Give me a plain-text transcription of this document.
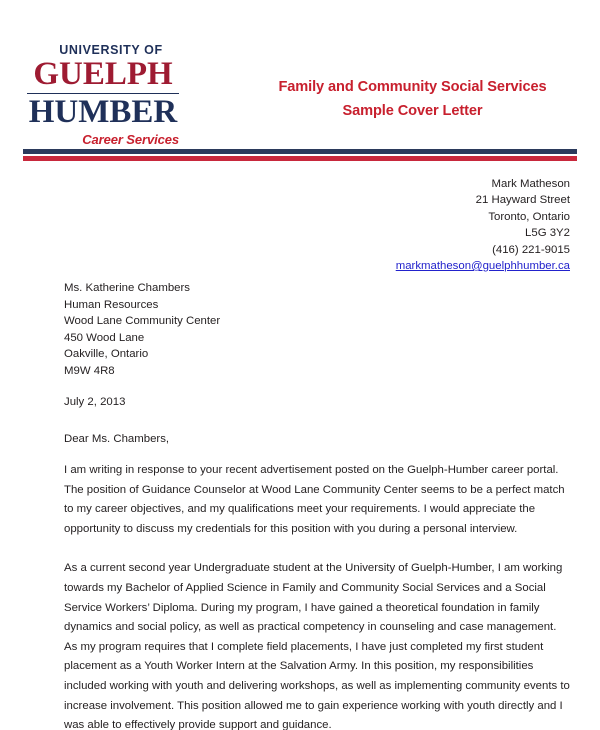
UNIVERSITY OF
GUELPH
HUMBER
Career Services
Family and Community Social Services
Sample Cover Letter
Mark Matheson
21 Hayward Street
Toronto, Ontario
L5G 3Y2
(416) 221-9015
markmatheson@guelphhumber.ca
Ms. Katherine Chambers
Human Resources
Wood Lane Community Center
450 Wood Lane
Oakville, Ontario
M9W 4R8
July 2, 2013
Dear Ms. Chambers,

I am writing in response to your recent advertisement posted on the Guelph-Humber career portal. The position of Guidance Counselor at Wood Lane Community Center seems to be a perfect match to my career objectives, and my qualifications meet your requirements. I would appreciate the opportunity to discuss my credentials for this position with you during a personal interview.

As a current second year Undergraduate student at the University of Guelph-Humber, I am working towards my Bachelor of Applied Science in Family and Community Social Services and a Social Service Workers’ Diploma. During my program, I have gained a theoretical foundation in family dynamics and social policy, as well as practical competency in counseling and case management. As my program requires that I complete field placements, I have just completed my first student placement as a Youth Worker Intern at the Salvation Army. In this position, my responsibilities included working with youth and delivering workshops, as well as implementing community events to increase involvement. This position allowed me to gain experience working with youth directly and I was able to effectively provide support and guidance.
